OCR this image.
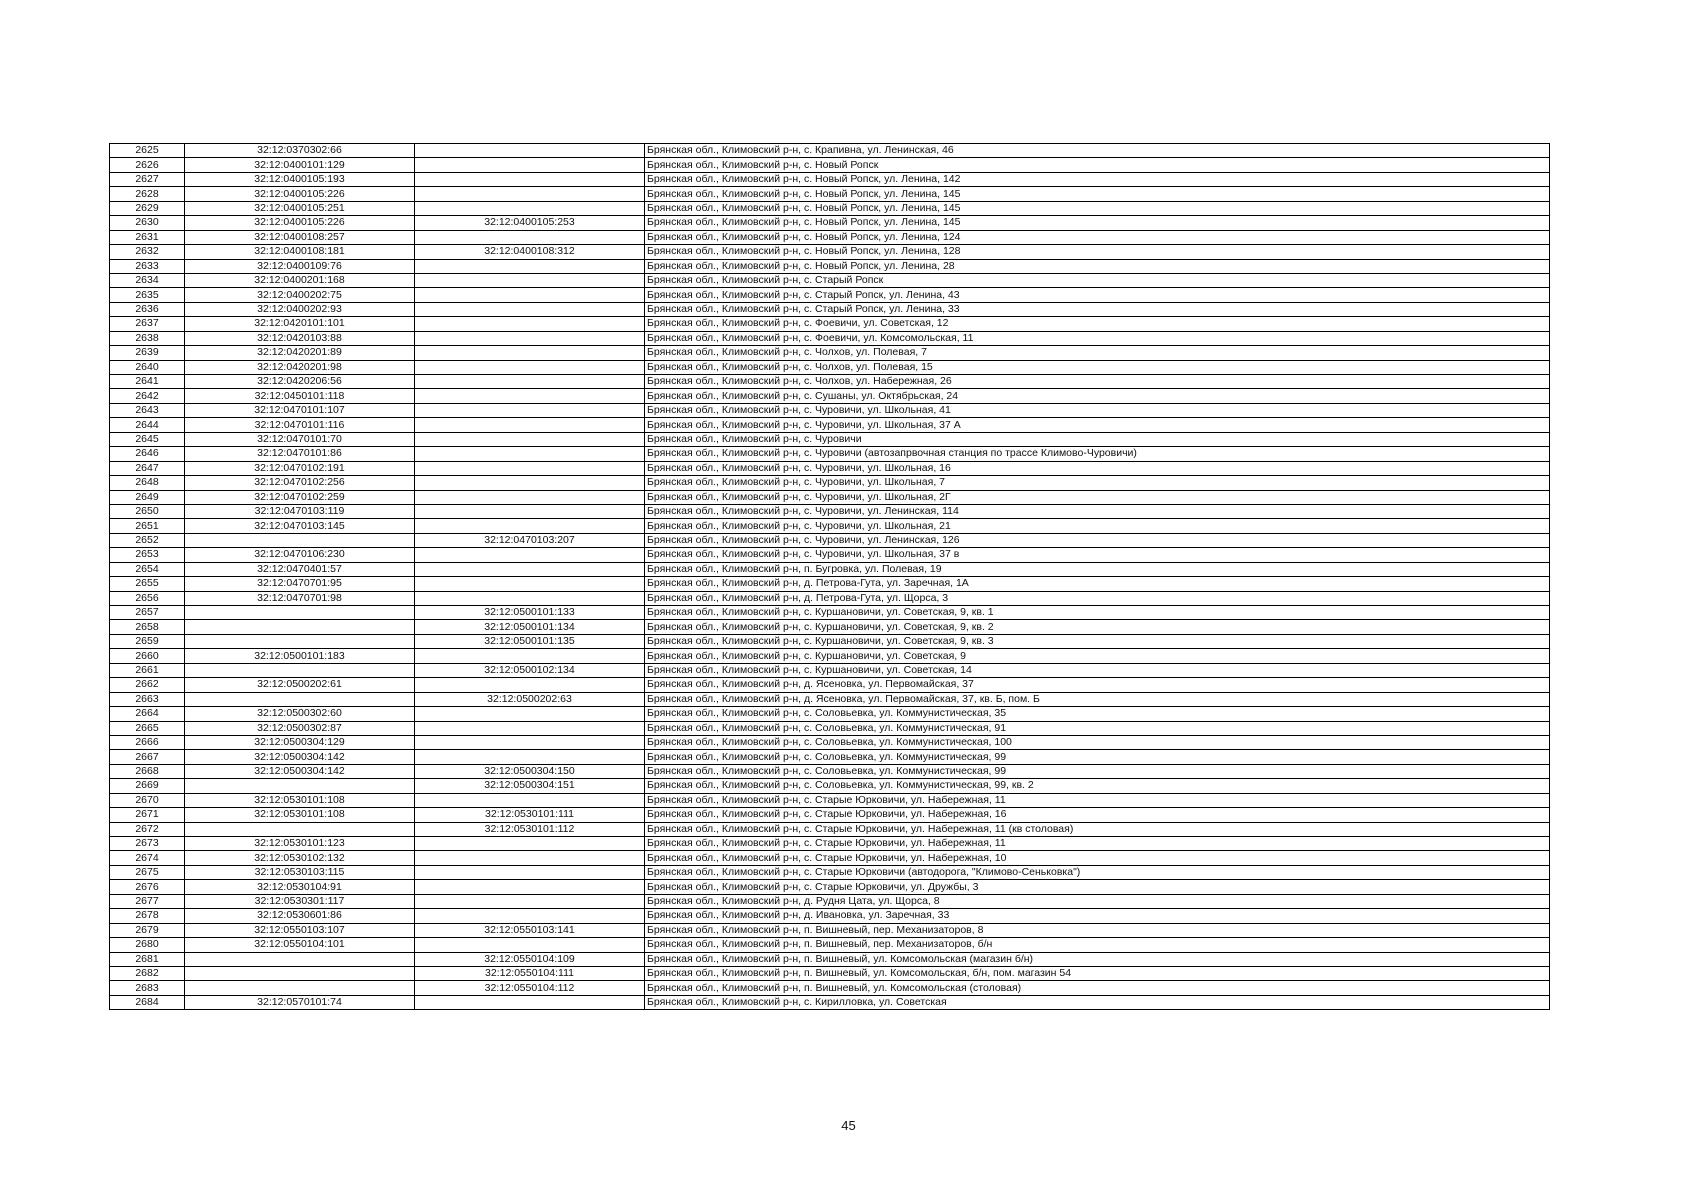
2625	32:12:0370302:66		Брянская обл., Климовский р-н, с. Крапивна, ул. Ленинская, 46
2626	32:12:0400101:129		Брянская обл., Климовский р-н, с. Новый Ропск
2627	32:12:0400105:193		Брянская обл., Климовский р-н, с. Новый Ропск, ул. Ленина, 142
2628	32:12:0400105:226		Брянская обл., Климовский р-н, с. Новый Ропск, ул. Ленина, 145
2629	32:12:0400105:251		Брянская обл., Климовский р-н, с. Новый Ропск, ул. Ленина, 145
2630	32:12:0400105:226	32:12:0400105:253	Брянская обл., Климовский р-н, с. Новый Ропск, ул. Ленина, 145
2631	32:12:0400108:257		Брянская обл., Климовский р-н, с. Новый Ропск, ул. Ленина, 124
2632	32:12:0400108:181	32:12:0400108:312	Брянская обл., Климовский р-н, с. Новый Ропск, ул. Ленина, 128
2633	32:12:0400109:76		Брянская обл., Климовский р-н, с. Новый Ропск, ул. Ленина, 28
2634	32:12:0400201:168		Брянская обл., Климовский р-н, с. Старый Ропск
2635	32:12:0400202:75		Брянская обл., Климовский р-н, с. Старый Ропск, ул. Ленина, 43
2636	32:12:0400202:93		Брянская обл., Климовский р-н, с. Старый Ропск, ул. Ленина, 33
2637	32:12:0420101:101		Брянская обл., Климовский р-н, с. Фоевичи, ул. Советская, 12
2638	32:12:0420103:88		Брянская обл., Климовский р-н, с. Фоевичи, ул. Комсомольская, 11
2639	32:12:0420201:89		Брянская обл., Климовский р-н, с. Чолхов, ул. Полевая, 7
2640	32:12:0420201:98		Брянская обл., Климовский р-н, с. Чолхов, ул. Полевая, 15
2641	32:12:0420206:56		Брянская обл., Климовский р-н, с. Чолхов, ул. Набережная, 26
2642	32:12:0450101:118		Брянская обл., Климовский р-н, с. Сушаны, ул. Октябрьская, 24
2643	32:12:0470101:107		Брянская обл., Климовский р-н, с. Чуровичи, ул. Школьная, 41
2644	32:12:0470101:116		Брянская обл., Климовский р-н, с. Чуровичи, ул. Школьная, 37 А
2645	32:12:0470101:70		Брянская обл., Климовский р-н, с. Чуровичи
2646	32:12:0470101:86		Брянская обл., Климовский р-н, с. Чуровичи (автозапрвочная станция по трассе Климово-Чуровичи)
2647	32:12:0470102:191		Брянская обл., Климовский р-н, с. Чуровичи, ул. Школьная, 16
2648	32:12:0470102:256		Брянская обл., Климовский р-н, с. Чуровичи, ул. Школьная, 7
2649	32:12:0470102:259		Брянская обл., Климовский р-н, с. Чуровичи, ул. Школьная, 2Г
2650	32:12:0470103:119		Брянская обл., Климовский р-н, с. Чуровичи, ул. Ленинская, 114
2651	32:12:0470103:145		Брянская обл., Климовский р-н, с. Чуровичи, ул. Школьная, 21
2652		32:12:0470103:207	Брянская обл., Климовский р-н, с. Чуровичи, ул. Ленинская, 126
2653	32:12:0470106:230		Брянская обл., Климовский р-н, с. Чуровичи, ул. Школьная, 37 в
2654	32:12:0470401:57		Брянская обл., Климовский р-н, п. Бугровка, ул. Полевая, 19
2655	32:12:0470701:95		Брянская обл., Климовский р-н, д. Петрова-Гута, ул. Заречная, 1А
2656	32:12:0470701:98		Брянская обл., Климовский р-н, д. Петрова-Гута, ул. Щорса, 3
2657		32:12:0500101:133	Брянская обл., Климовский р-н, с. Куршановичи, ул. Советская, 9, кв. 1
2658		32:12:0500101:134	Брянская обл., Климовский р-н, с. Куршановичи, ул. Советская, 9, кв. 2
2659		32:12:0500101:135	Брянская обл., Климовский р-н, с. Куршановичи, ул. Советская, 9, кв. 3
2660	32:12:0500101:183		Брянская обл., Климовский р-н, с. Куршановичи, ул. Советская, 9
2661		32:12:0500102:134	Брянская обл., Климовский р-н, с. Куршановичи, ул. Советская, 14
2662	32:12:0500202:61		Брянская обл., Климовский р-н, д. Ясеновка, ул. Первомайская, 37
2663		32:12:0500202:63	Брянская обл., Климовский р-н, д. Ясеновка, ул. Первомайская, 37, кв. Б, пом. Б
2664	32:12:0500302:60		Брянская обл., Климовский р-н, с. Соловьевка, ул. Коммунистическая, 35
2665	32:12:0500302:87		Брянская обл., Климовский р-н, с. Соловьевка, ул. Коммунистическая, 91
2666	32:12:0500304:129		Брянская обл., Климовский р-н, с. Соловьевка, ул. Коммунистическая, 100
2667	32:12:0500304:142		Брянская обл., Климовский р-н, с. Соловьевка, ул. Коммунистическая, 99
2668	32:12:0500304:142	32:12:0500304:150	Брянская обл., Климовский р-н, с. Соловьевка, ул. Коммунистическая, 99
2669		32:12:0500304:151	Брянская обл., Климовский р-н, с. Соловьевка, ул. Коммунистическая, 99, кв. 2
2670	32:12:0530101:108		Брянская обл., Климовский р-н, с. Старые Юрковичи, ул. Набережная, 11
2671	32:12:0530101:108	32:12:0530101:111	Брянская обл., Климовский р-н, с. Старые Юрковичи, ул. Набережная, 16
2672		32:12:0530101:112	Брянская обл., Климовский р-н, с. Старые Юрковичи, ул. Набережная, 11 (кв столовая)
2673	32:12:0530101:123		Брянская обл., Климовский р-н, с. Старые Юрковичи, ул. Набережная, 11
2674	32:12:0530102:132		Брянская обл., Климовский р-н, с. Старые Юрковичи, ул. Набережная, 10
2675	32:12:0530103:115		Брянская обл., Климовский р-н, с. Старые Юрковичи (автодорога, "Климово-Сеньковка")
2676	32:12:0530104:91		Брянская обл., Климовский р-н, с. Старые Юрковичи, ул. Дружбы, 3
2677	32:12:0530301:117		Брянская обл., Климовский р-н, д. Рудня Цата, ул. Щорса, 8
2678	32:12:0530601:86		Брянская обл., Климовский р-н, д. Ивановка, ул. Заречная, 33
2679	32:12:0550103:107	32:12:0550103:141	Брянская обл., Климовский р-н, п. Вишневый, пер. Механизаторов, 8
2680	32:12:0550104:101		Брянская обл., Климовский р-н, п. Вишневый, пер. Механизаторов, б/н
2681		32:12:0550104:109	Брянская обл., Климовский р-н, п. Вишневый, ул. Комсомольская (магазин б/н)
2682		32:12:0550104:111	Брянская обл., Климовский р-н, п. Вишневый, ул. Комсомольская, б/н, пом. магазин 54
2683		32:12:0550104:112	Брянская обл., Климовский р-н, п. Вишневый, ул. Комсомольская (столовая)
2684	32:12:0570101:74		Брянская обл., Климовский р-н, с. Кирилловка, ул. Советская
45
